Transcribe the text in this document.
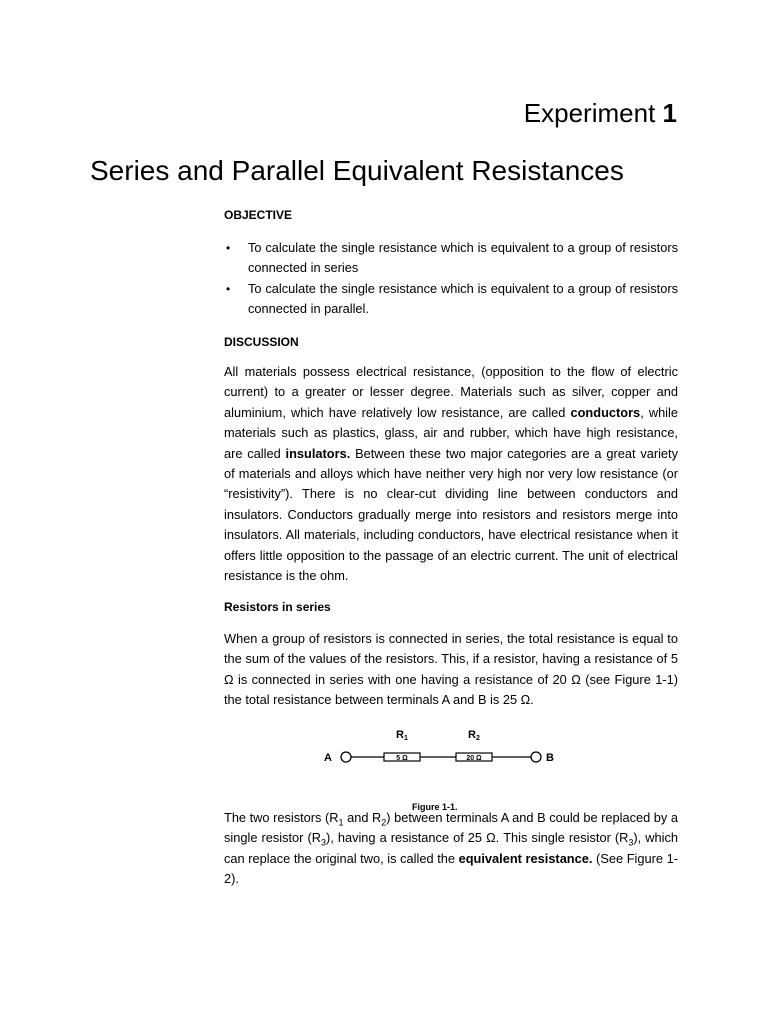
Experiment 1
Series and Parallel Equivalent Resistances
OBJECTIVE
• To calculate the single resistance which is equivalent to a group of resistors connected in series
• To calculate the single resistance which is equivalent to a group of resistors connected in parallel.
DISCUSSION
All materials possess electrical resistance, (opposition to the flow of electric current) to a greater or lesser degree. Materials such as silver, copper and aluminium, which have relatively low resistance, are called conductors, while materials such as plastics, glass, air and rubber, which have high resistance, are called insulators. Between these two major categories are a great variety of materials and alloys which have neither very high nor very low resistance (or “resistivity”). There is no clear-cut dividing line between conductors and insulators. Conductors gradually merge into resistors and resistors merge into insulators. All materials, including conductors, have electrical resistance when it offers little opposition to the passage of an electric current. The unit of electrical resistance is the ohm.
Resistors in series
When a group of resistors is connected in series, the total resistance is equal to the sum of the values of the resistors. This, if a resistor, having a resistance of 5 Ω is connected in series with one having a resistance of 20 Ω (see Figure 1-1) the total resistance between terminals A and B is 25 Ω.
The two resistors ($R_1$ and $R_2$) between terminals A and B could be replaced by a single resistor $(R_3)$, having a resistance of 25 Ω. This single resistor $(R_3)$, which can replace the original two, is called the equivalent resistance. (See Figure 1-2).
A	5 Ω	20 Ω	B
R1	R2
Figure 1-1.
